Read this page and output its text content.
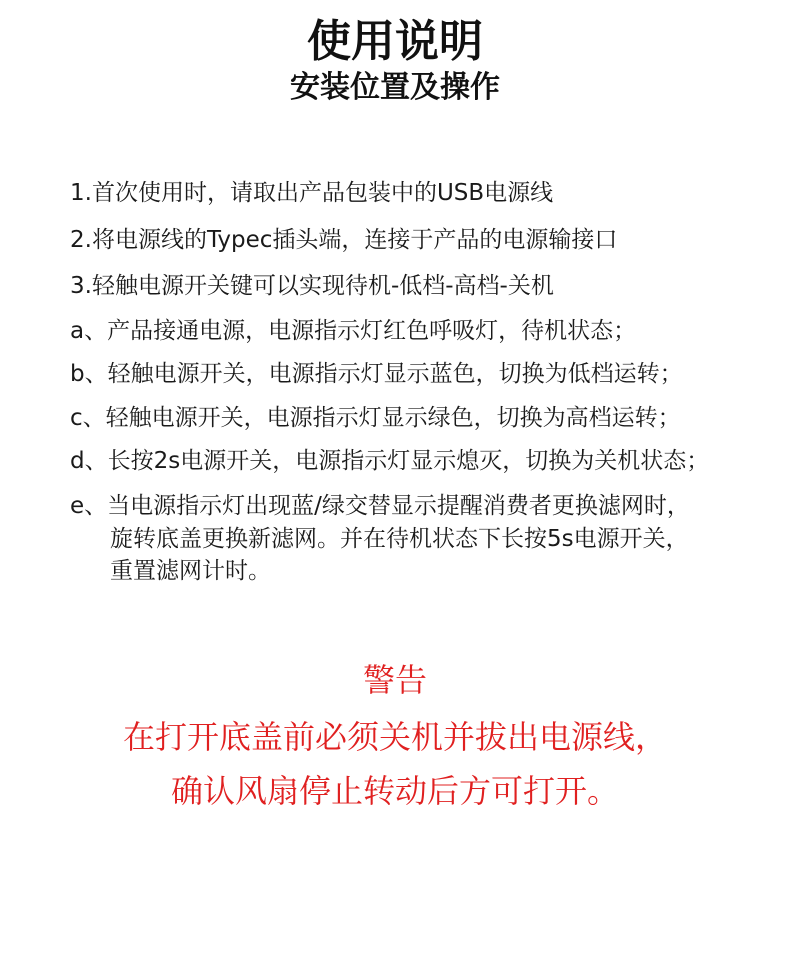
使用说明
安装位置及操作
1.首次使用时，请取出产品包装中的USB电源线
2.将电源线的Typec插头端，连接于产品的电源输接口
3.轻触电源开关键可以实现待机-低档-高档-关机
a、产品接通电源，电源指示灯红色呼吸灯，待机状态；
b、轻触电源开关，电源指示灯显示蓝色，切换为低档运转；
c、轻触电源开关，电源指示灯显示绿色，切换为高档运转；
d、长按2s电源开关，电源指示灯显示熄灭，切换为关机状态；
e、当电源指示灯出现蓝/绿交替显示提醒消费者更换滤网时，
旋转底盖更换新滤网。并在待机状态下长按5s电源开关，
重置滤网计时。
警告
在打开底盖前必须关机并拔出电源线，
确认风扇停止转动后方可打开。
